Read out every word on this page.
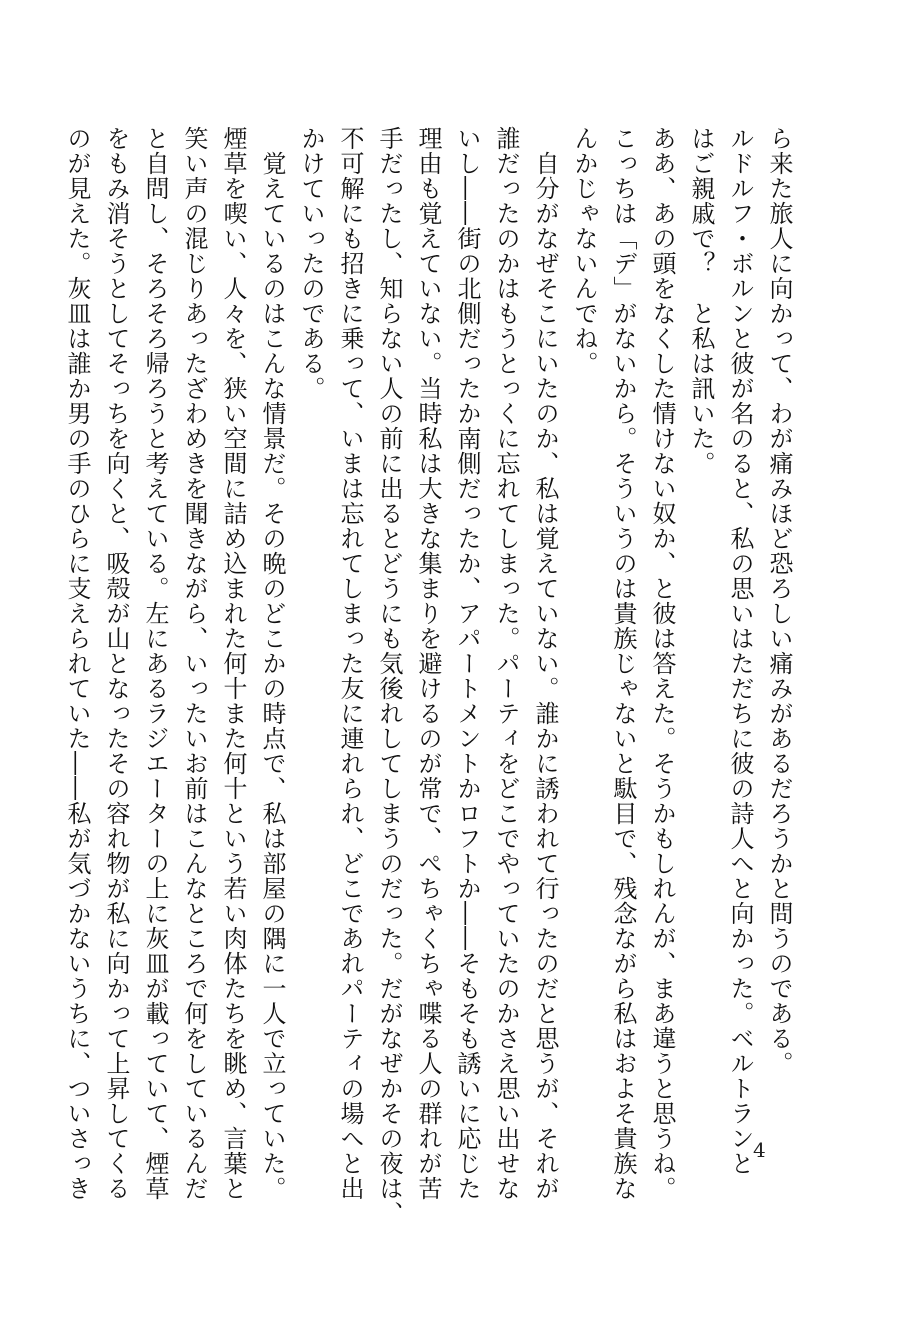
ら来た旅人に向かって、わが痛みほど恐ろしい痛みがあるだろうかと問うのである。

ルドルフ・ボルンと彼が名のると、私の思いはただちに彼の詩人へと向かった。ベルトランと

はご親戚で？　と私は訊いた。

ああ、あの頭をなくした情けない奴か、と彼は答えた。そうかもしれんが、まあ違うと思うね。

こっちは「デ」がないから。そういうのは貴族じゃないと駄目で、残念ながら私はおよそ貴族な

んかじゃないんでね。

　自分がなぜそこにいたのか、私は覚えていない。誰かに誘われて行ったのだと思うが、それが

誰だったのかはもうとっくに忘れてしまった。パーティをどこでやっていたのかさえ思い出せな

いし――街の北側だったか南側だったか、アパートメントかロフトか――そもそも誘いに応じた

理由も覚えていない。当時私は大きな集まりを避けるのが常で、ぺちゃくちゃ喋る人の群れが苦

手だったし、知らない人の前に出るとどうにも気後れしてしまうのだった。だがなぜかその夜は、

不可解にも招きに乗って、いまは忘れてしまった友に連れられ、どこであれパーティの場へと出

かけていったのである。

　覚えているのはこんな情景だ。その晩のどこかの時点で、私は部屋の隅に一人で立っていた。

煙草を喫い、人々を、狭い空間に詰め込まれた何十また何十という若い肉体たちを眺め、言葉と

笑い声の混じりあったざわめきを聞きながら、いったいお前はこんなところで何をしているんだ

と自問し、そろそろ帰ろうと考えている。左にあるラジエーターの上に灰皿が載っていて、煙草

をもみ消そうとしてそっちを向くと、吸殻が山となったその容れ物が私に向かって上昇してくる

のが見えた。灰皿は誰か男の手のひらに支えられていた――私が気づかないうちに、ついさっき	4
